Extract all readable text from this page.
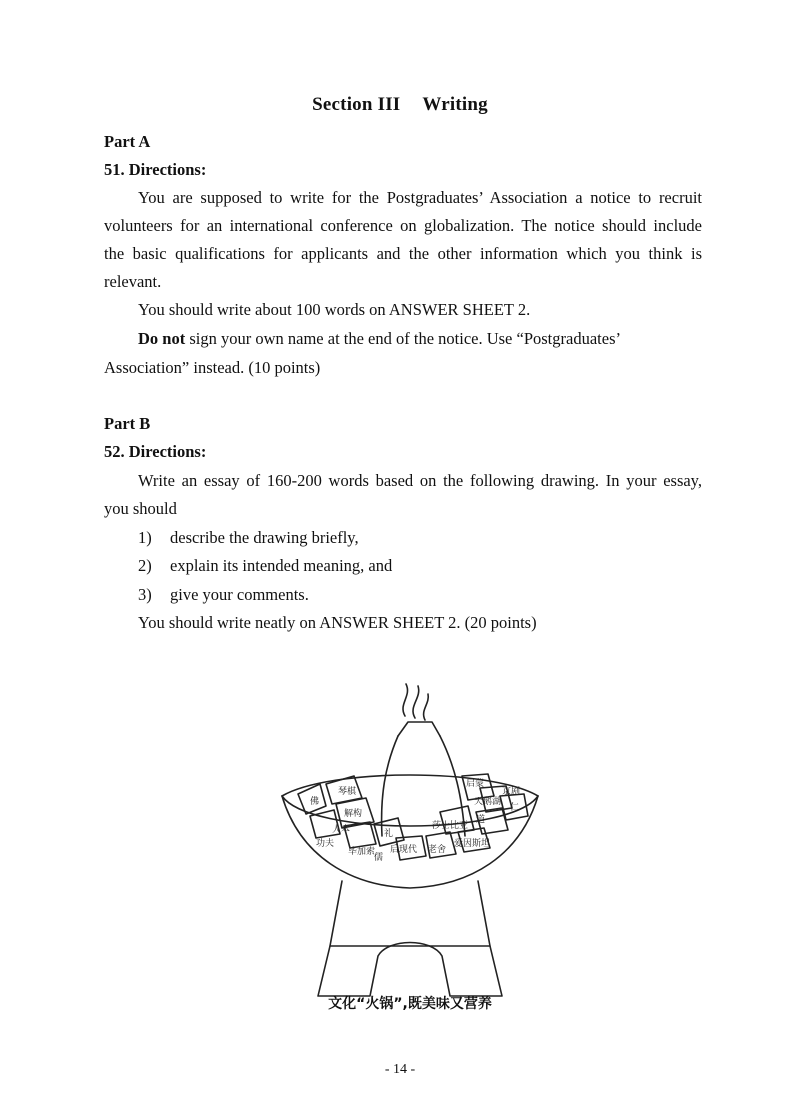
Section III Writing
Part A
51. Directions:
You are supposed to write for the Postgraduates’ Association a notice to recruit
volunteers for an international conference on globalization. The notice should include
the basic qualifications for applicants and the other information which you think is
relevant.
You should write about 100 words on ANSWER SHEET 2.
Do not sign your own name at the end of the notice. Use “Postgraduates’
Association” instead. (10 points)
Part B
52. Directions:
Write an essay of 160-200 words based on the following drawing. In your essay,
you should
1) describe the drawing briefly,
2) explain its intended meaning, and
3) give your comments.
You should write neatly on ANSWER SHEET 2. (20 points)
佛
琴棋
解构
人本
功夫
毕加索
礼
儒
后现代 老舍
莎士比亚
爱因斯坦
道
仁
启蒙
京剧
天鹅湖
文化“火锅”,既美味又营养
- 14 -
